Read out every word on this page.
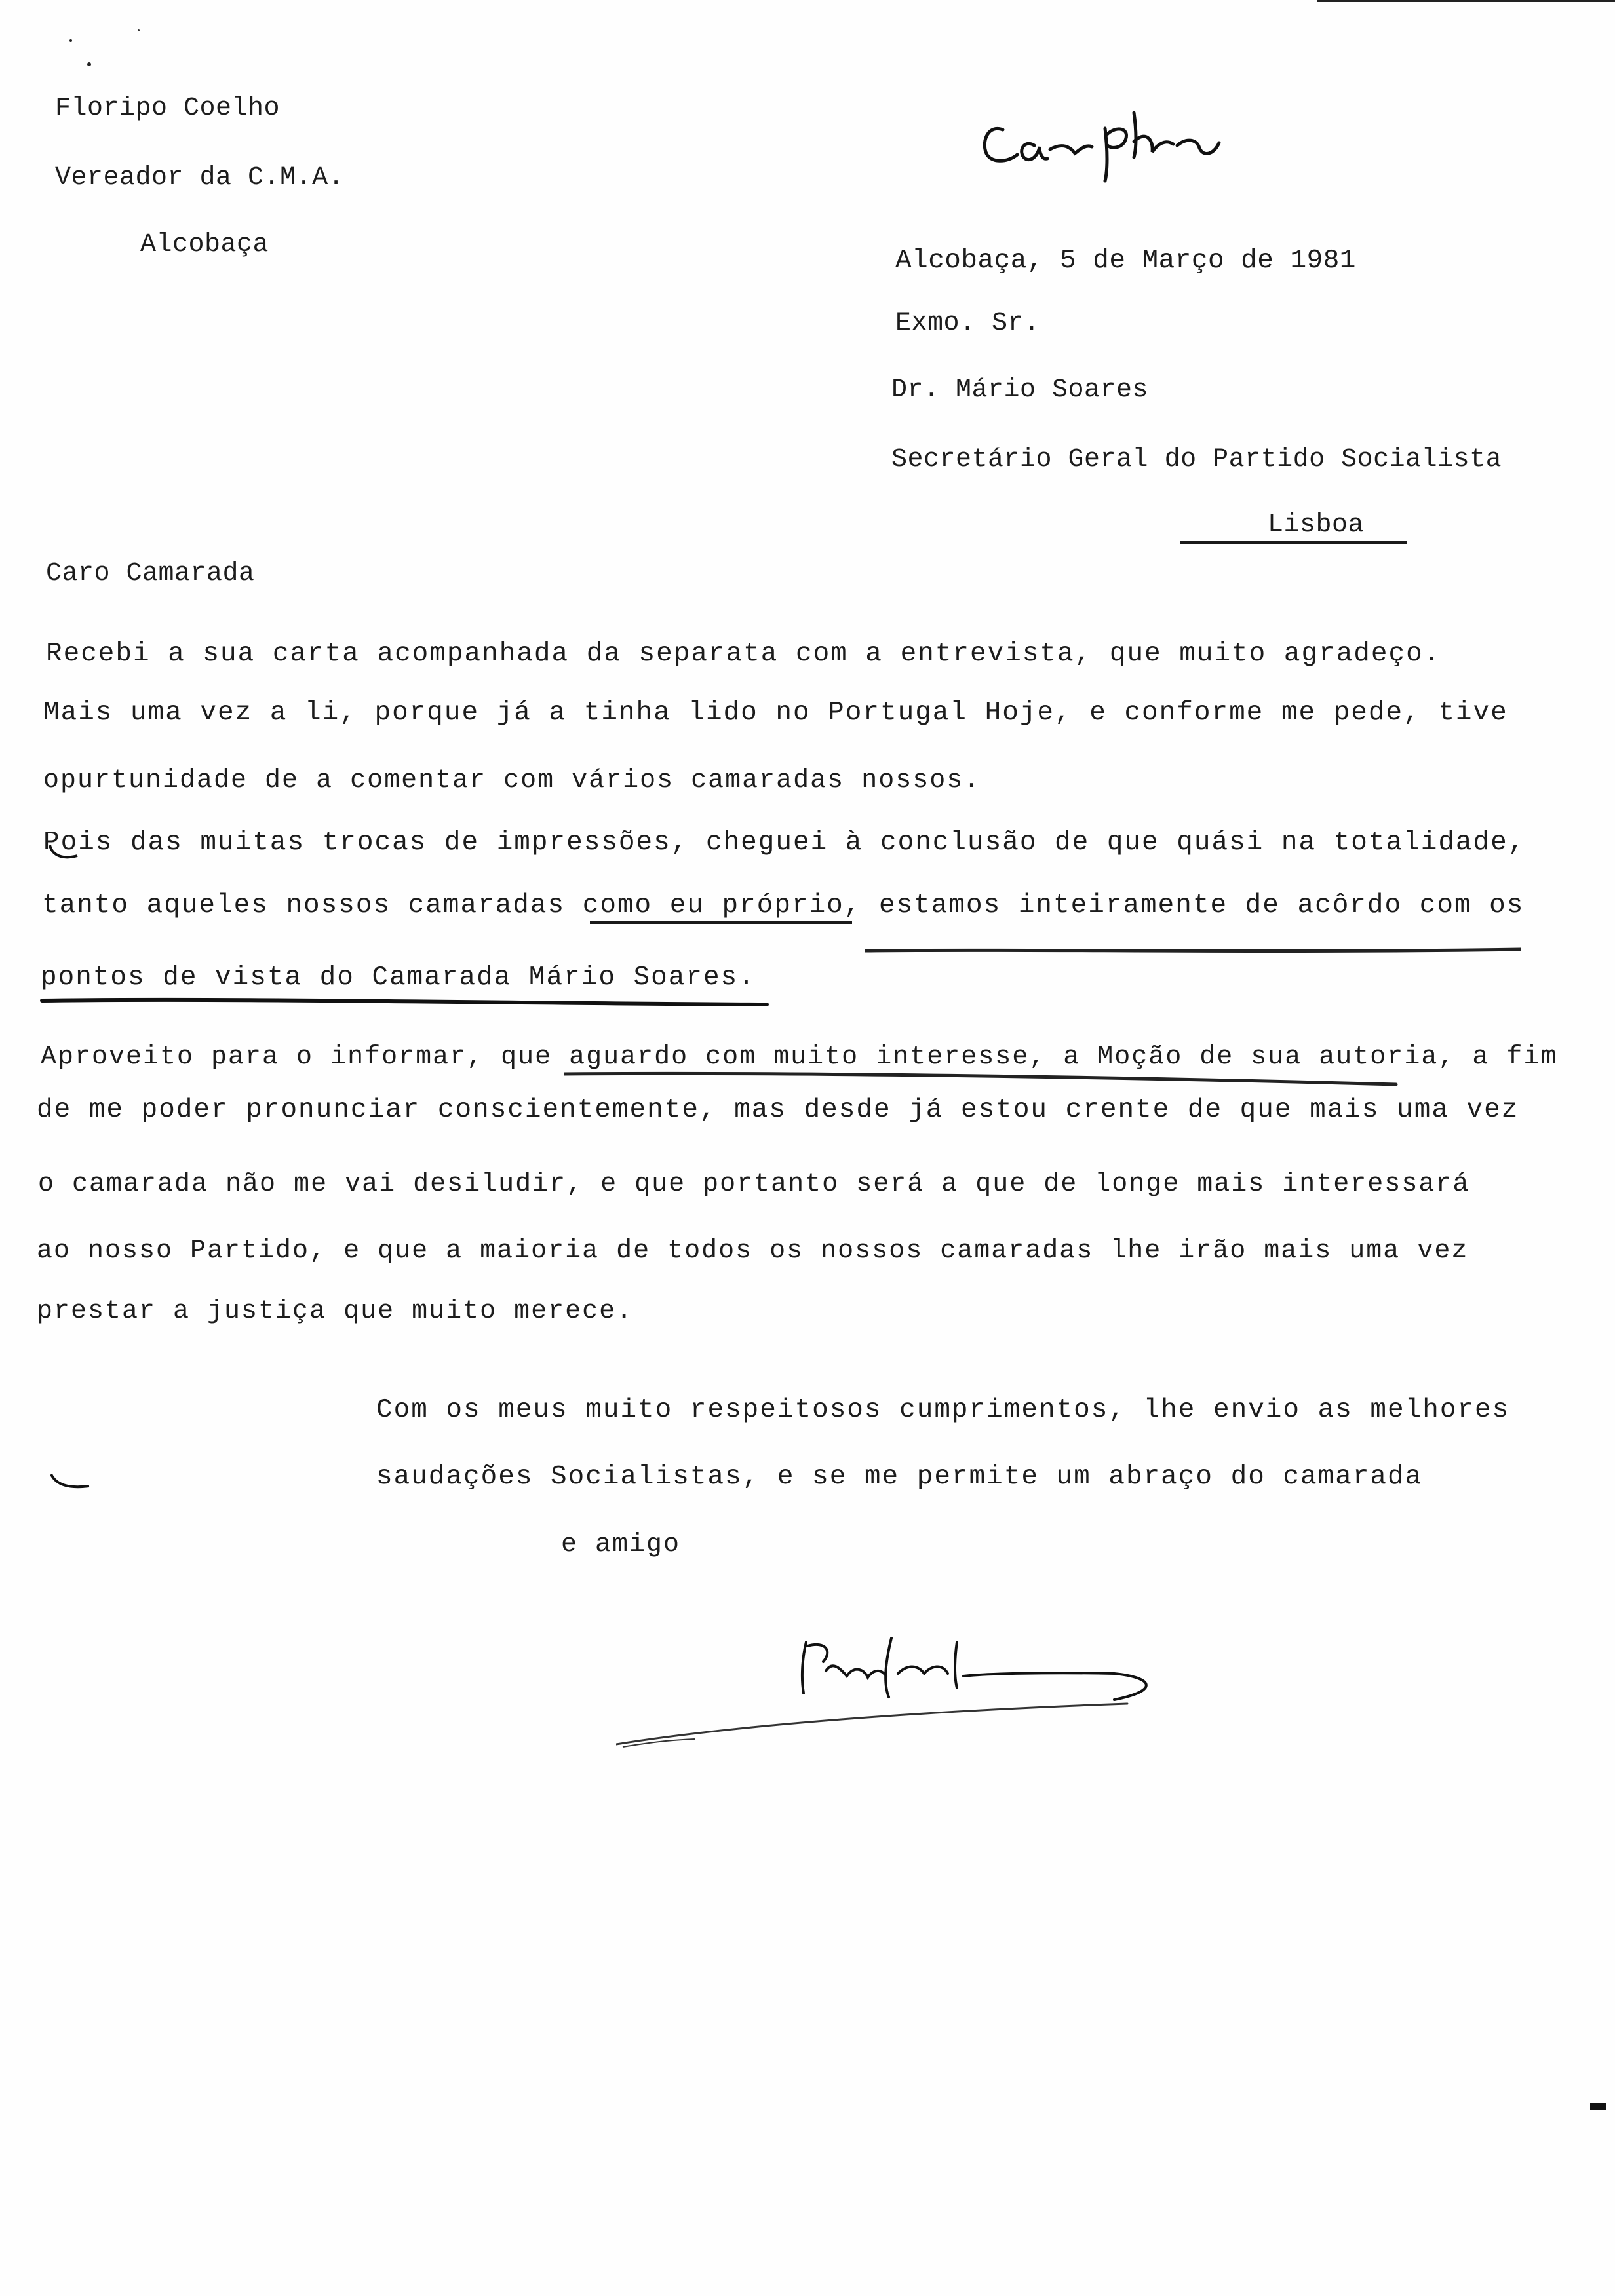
Floripo Coelho
Vereador da C.M.A.
Alcobaça
Alcobaça, 5 de Março de 1981
Exmo. Sr.
Dr. Mário Soares
Secretário Geral do Partido Socialista
Lisboa
Caro Camarada
Recebi a sua carta acompanhada da separata com a entrevista, que muito agradeço.
Mais uma vez a li, porque já a tinha lido no Portugal Hoje, e conforme me pede, tive
opurtunidade de a comentar com vários camaradas nossos.
Pois das muitas trocas de impressões, cheguei à conclusão de que quási na totalidade,
tanto aqueles nossos camaradas como eu próprio, estamos inteiramente de acôrdo com os
pontos de vista do Camarada Mário Soares.
Aproveito para o informar, que aguardo com muito interesse, a Moção de sua autoria, a fim
de me poder pronunciar conscientemente, mas desde já estou crente de que mais uma vez
o camarada não me vai desiludir, e que portanto será a que de longe mais interessará
ao nosso Partido, e que a maioria de todos os nossos camaradas lhe irão mais uma vez
prestar a justiça que muito merece.
Com os meus muito respeitosos cumprimentos, lhe envio as melhores
saudações Socialistas, e se me permite um abraço do camarada
e amigo
